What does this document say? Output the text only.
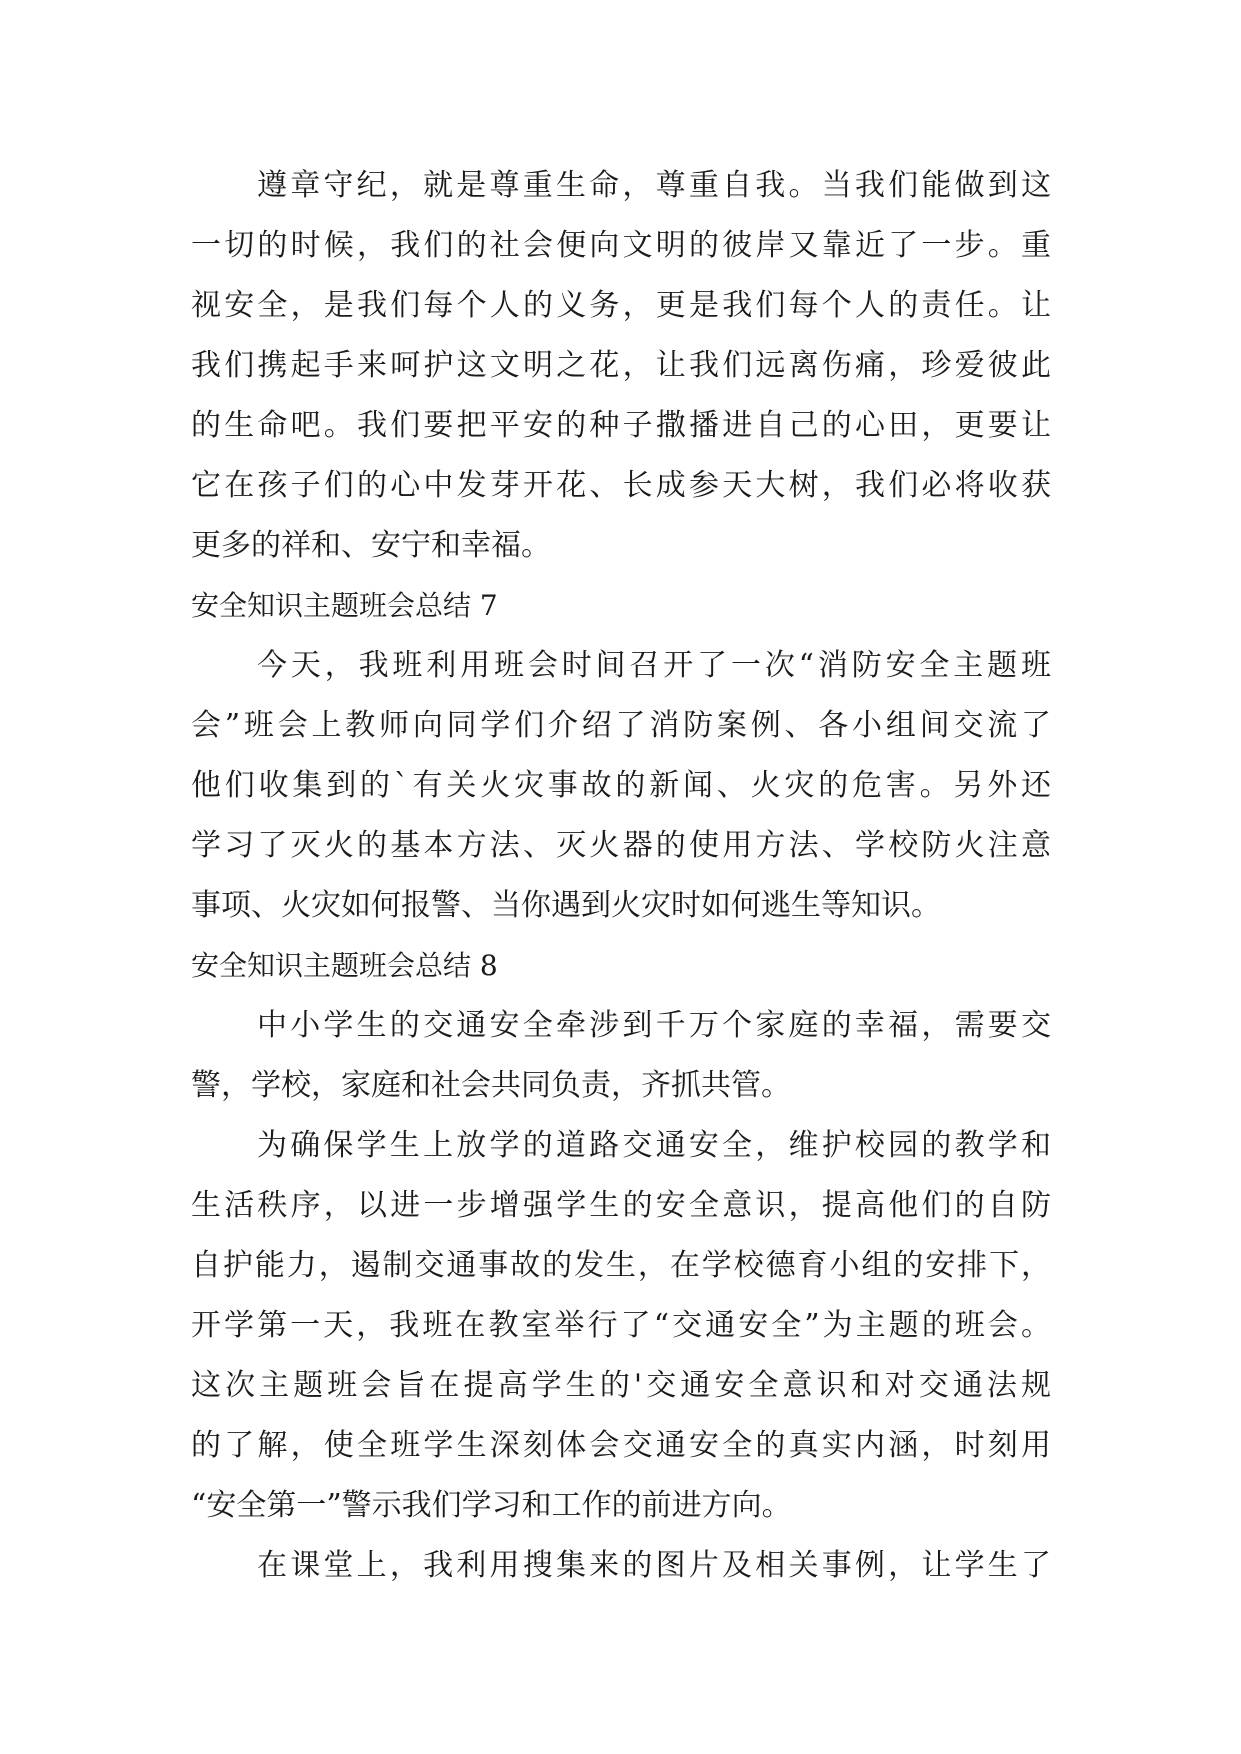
遵章守纪，就是尊重生命，尊重自我。当我们能做到这
一切的时候，我们的社会便向文明的彼岸又靠近了一步。重
视安全，是我们每个人的义务，更是我们每个人的责任。让
我们携起手来呵护这文明之花，让我们远离伤痛，珍爱彼此
的生命吧。我们要把平安的种子撒播进自己的心田，更要让
它在孩子们的心中发芽开花、长成参天大树，我们必将收获
更多的祥和、安宁和幸福。
安全知识主题班会总结 7
今天，我班利用班会时间召开了一次“消防安全主题班
会”班会上教师向同学们介绍了消防案例、各小组间交流了
他们收集到的`有关火灾事故的新闻、火灾的危害。另外还
学习了灭火的基本方法、灭火器的使用方法、学校防火注意
事项、火灾如何报警、当你遇到火灾时如何逃生等知识。
安全知识主题班会总结 8
中小学生的交通安全牵涉到千万个家庭的幸福，需要交
警，学校，家庭和社会共同负责，齐抓共管。
为确保学生上放学的道路交通安全，维护校园的教学和
生活秩序，以进一步增强学生的安全意识，提高他们的自防
自护能力，遏制交通事故的发生，在学校德育小组的安排下，
开学第一天，我班在教室举行了“交通安全”为主题的班会。
这次主题班会旨在提高学生的'交通安全意识和对交通法规
的了解，使全班学生深刻体会交通安全的真实内涵，时刻用
“安全第一”警示我们学习和工作的前进方向。
在课堂上，我利用搜集来的图片及相关事例，让学生了
